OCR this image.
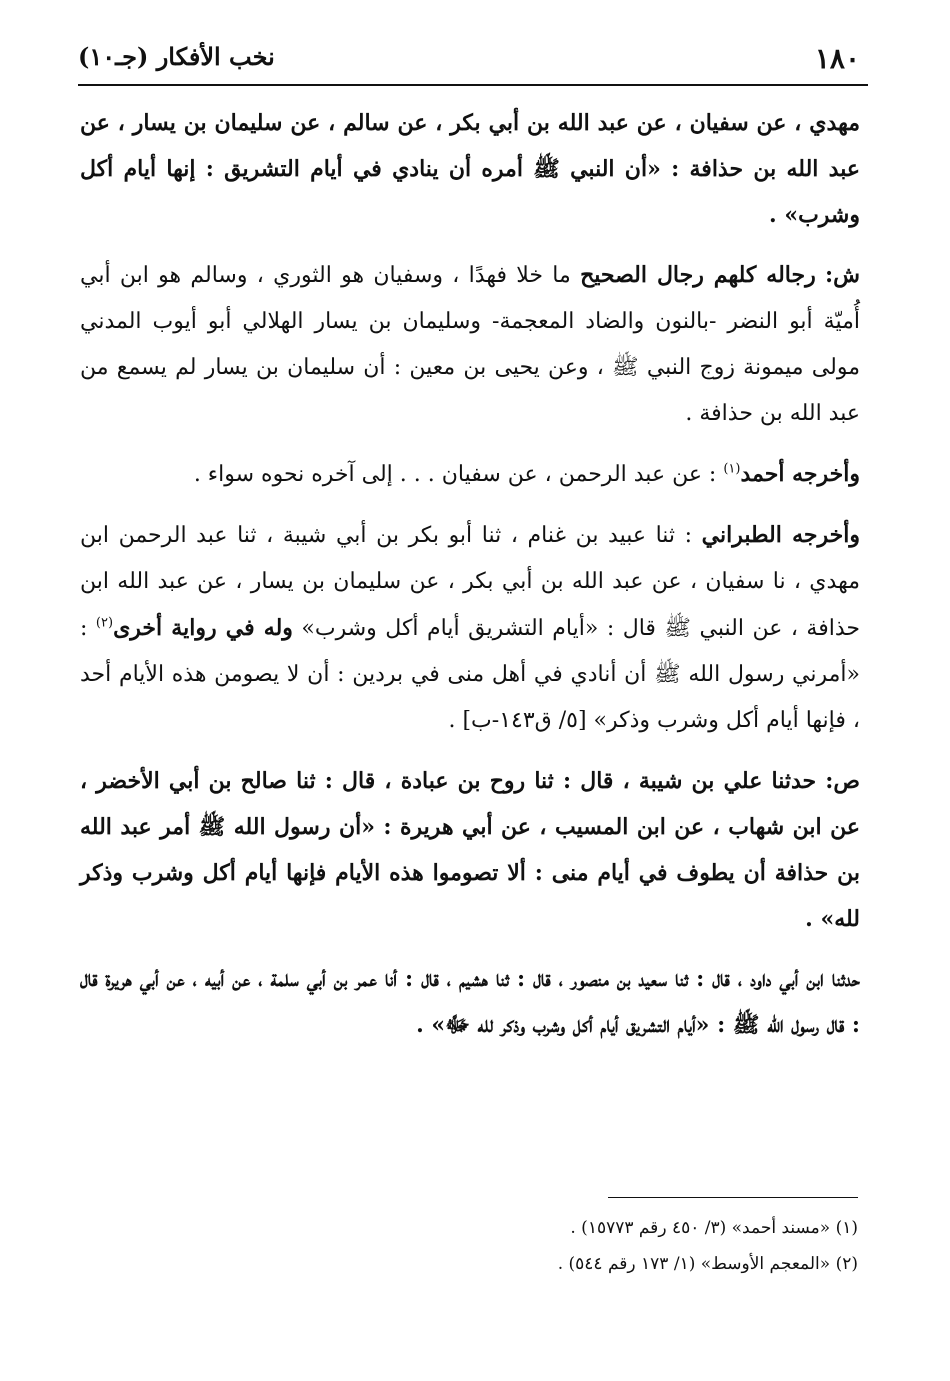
١٨٠
نخب الأفكار (جـ١٠)

مهدي ، عن سفيان ، عن عبد الله بن أبي بكر ، عن سالم ، عن سليمان بن يسار ، عن عبد الله بن حذافة : «أن النبي ﷺ أمره أن ينادي في أيام التشريق : إنها أيام أكل وشرب» .

ش: رجاله كلهم رجال الصحيح ما خلا فهدًا ، وسفيان هو الثوري ، وسالم هو ابن أبي أُميّة أبو النضر -بالنون والضاد المعجمة- وسليمان بن يسار الهلالي أبو أيوب المدني مولى ميمونة زوج النبي ﷺ ، وعن يحيى بن معين : أن سليمان بن يسار لم يسمع من عبد الله بن حذافة .

وأخرجه أحمد$^{(١)}$ : عن عبد الرحمن ، عن سفيان . . . إلى آخره نحوه سواء .

وأخرجه الطبراني : ثنا عبيد بن غنام ، ثنا أبو بكر بن أبي شيبة ، ثنا عبد الرحمن ابن مهدي ، نا سفيان ، عن عبد الله بن أبي بكر ، عن سليمان بن يسار ، عن عبد الله ابن حذافة ، عن النبي ﷺ قال : «أيام التشريق أيام أكل وشرب» وله في رواية أخرى$^{(٢)}$ : «أمرني رسول الله ﷺ أن أنادي في أهل منى في بردين : أن لا يصومن هذه الأيام أحد ، فإنها أيام أكل وشرب وذكر» [٥/ ق١٤٣-ب] .

ص: حدثنا علي بن شيبة ، قال : ثنا روح بن عبادة ، قال : ثنا صالح بن أبي الأخضر ، عن ابن شهاب ، عن ابن المسيب ، عن أبي هريرة : «أن رسول الله ﷺ أمر عبد الله بن حذافة أن يطوف في أيام منى : ألا تصوموا هذه الأيام فإنها أيام أكل وشرب وذكر لله» .

حدثنا ابن أبي داود ، قال : ثنا سعيد بن منصور ، قال : ثنا هشيم ، قال : أنا عمر بن أبي سلمة ، عن أبيه ، عن أبي هريرة قال : قال رسول الله ﷺ : «أيام التشريق أيام أكل وشرب وذكر لله ﷻ» .

(١) «مسند أحمد» (٣/ ٤٥٠ رقم ١٥٧٧٣) .

(٢) «المعجم الأوسط» (١/ ١٧٣ رقم ٥٤٤) .
